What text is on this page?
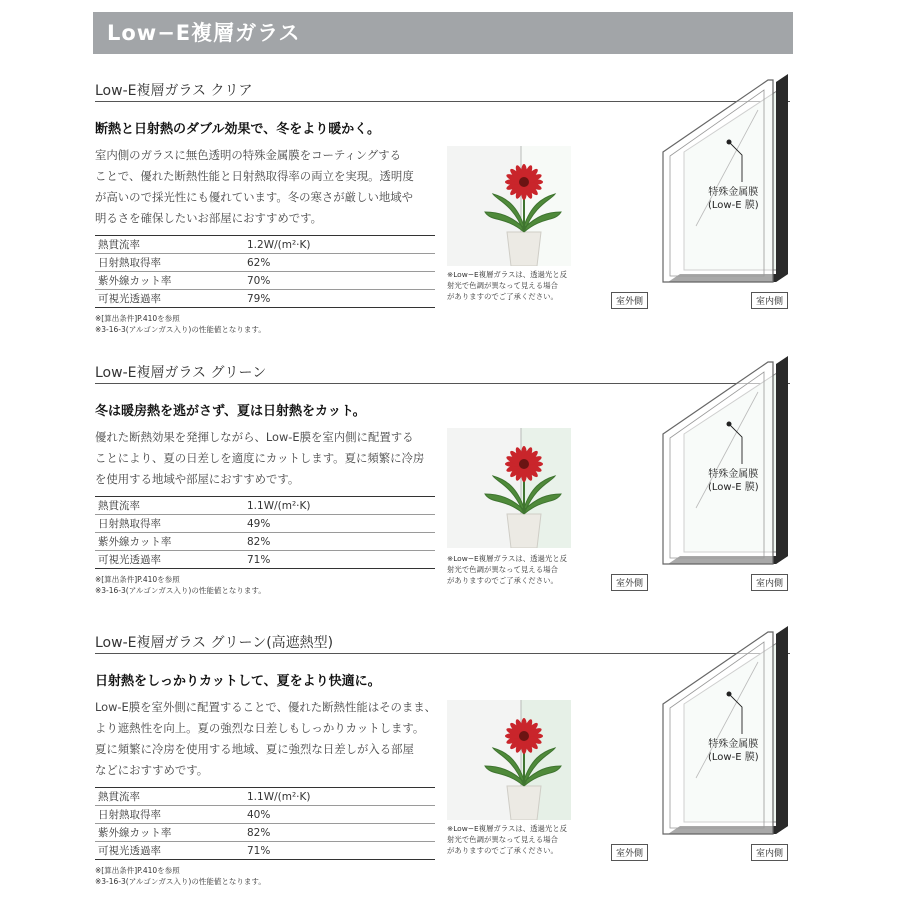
Low−E複層ガラス
Low-E複層ガラス クリア
断熱と日射熱のダブル効果で、冬をより暖かく。
室内側のガラスに無色透明の特殊金属膜をコーティングする
ことで、優れた断熱性能と日射熱取得率の両立を実現。透明度
が高いので採光性にも優れています。冬の寒さが厳しい地域や
明るさを確保したいお部屋におすすめです。
熱貫流率	1.2W/(m²·K)
日射熱取得率	62%
紫外線カット率	70%
可視光透過率	79%
※[算出条件]P.410を参照
※3-16-3(アルゴンガス入り)の性能値となります。
※Low−E複層ガラスは、透過光と反
射光で色調が異なって見える場合
がありますのでご了承ください。
特殊金属膜
(Low-E 膜)
室外側	室内側
Low-E複層ガラス グリーン
冬は暖房熱を逃がさず、夏は日射熱をカット。
優れた断熱効果を発揮しながら、Low-E膜を室内側に配置する
ことにより、夏の日差しを適度にカットします。夏に頻繁に冷房
を使用する地域や部屋におすすめです。
熱貫流率	1.1W/(m²·K)
日射熱取得率	49%
紫外線カット率	82%
可視光透過率	71%
※[算出条件]P.410を参照
※3-16-3(アルゴンガス入り)の性能値となります。
※Low−E複層ガラスは、透過光と反
射光で色調が異なって見える場合
がありますのでご了承ください。
特殊金属膜
(Low-E 膜)
室外側	室内側
Low-E複層ガラス グリーン(高遮熱型)
日射熱をしっかりカットして、夏をより快適に。
Low-E膜を室外側に配置することで、優れた断熱性能はそのまま、
より遮熱性を向上。夏の強烈な日差しもしっかりカットします。
夏に頻繁に冷房を使用する地域、夏に強烈な日差しが入る部屋
などにおすすめです。
熱貫流率	1.1W/(m²·K)
日射熱取得率	40%
紫外線カット率	82%
可視光透過率	71%
※[算出条件]P.410を参照
※3-16-3(アルゴンガス入り)の性能値となります。
※Low−E複層ガラスは、透過光と反
射光で色調が異なって見える場合
がありますのでご了承ください。
特殊金属膜
(Low-E 膜)
室外側	室内側
